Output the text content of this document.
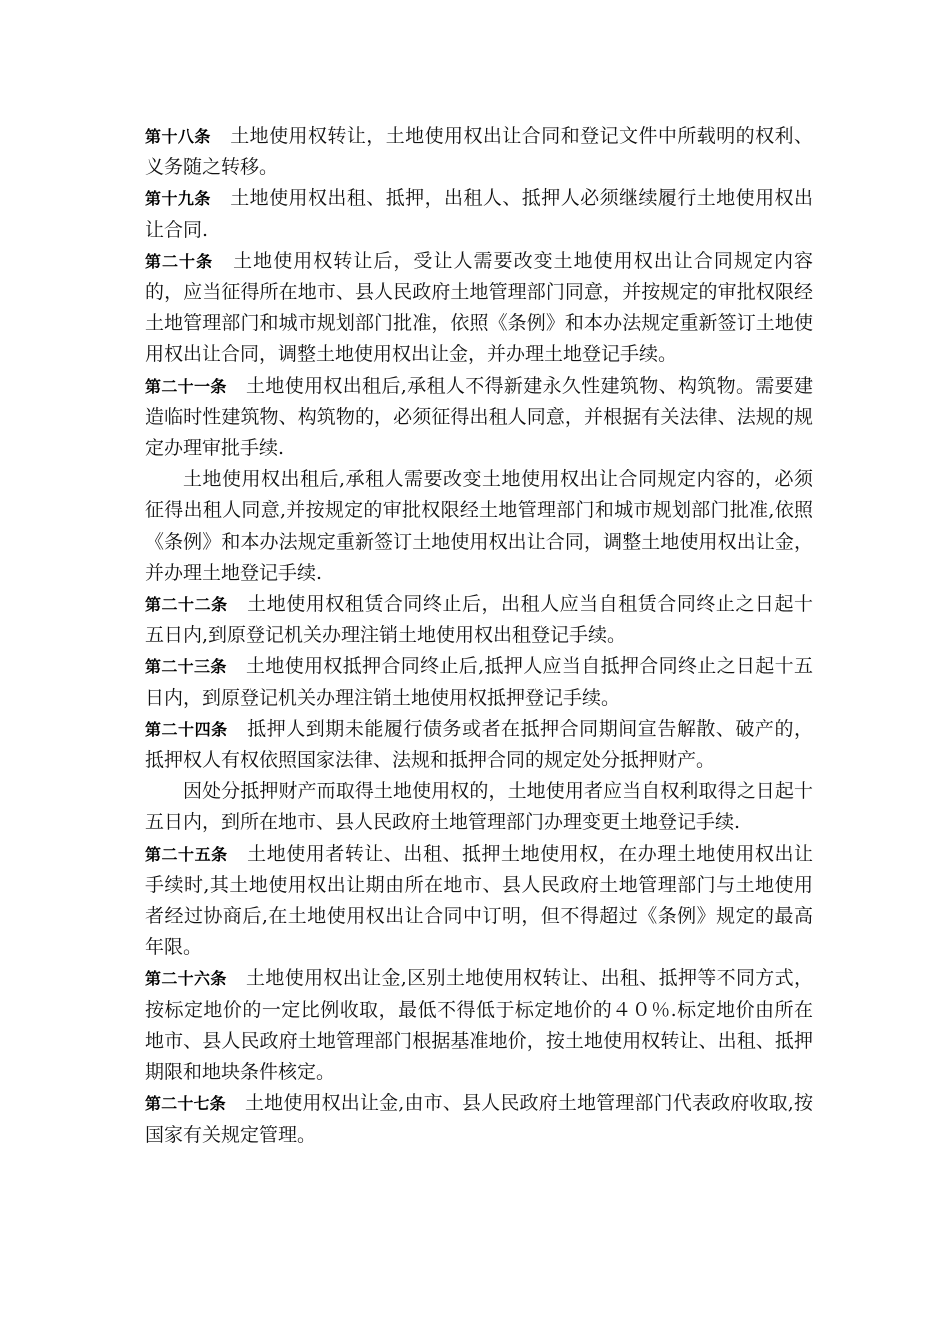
第十八条 土地使用权转让，土地使用权出让合同和登记文件中所载明的权利、义务随之转移。

第十九条 土地使用权出租、抵押，出租人、抵押人必须继续履行土地使用权出让合同.

第二十条 土地使用权转让后，受让人需要改变土地使用权出让合同规定内容的，应当征得所在地市、县人民政府土地管理部门同意，并按规定的审批权限经土地管理部门和城市规划部门批准，依照《条例》和本办法规定重新签订土地使用权出让合同，调整土地使用权出让金，并办理土地登记手续。

第二十一条 土地使用权出租后,承租人不得新建永久性建筑物、构筑物。需要建造临时性建筑物、构筑物的，必须征得出租人同意，并根据有关法律、法规的规定办理审批手续.

土地使用权出租后,承租人需要改变土地使用权出让合同规定内容的，必须征得出租人同意,并按规定的审批权限经土地管理部门和城市规划部门批准,依照《条例》和本办法规定重新签订土地使用权出让合同，调整土地使用权出让金，并办理土地登记手续.

第二十二条 土地使用权租赁合同终止后，出租人应当自租赁合同终止之日起十五日内,到原登记机关办理注销土地使用权出租登记手续。

第二十三条 土地使用权抵押合同终止后,抵押人应当自抵押合同终止之日起十五日内，到原登记机关办理注销土地使用权抵押登记手续。

第二十四条 抵押人到期未能履行债务或者在抵押合同期间宣告解散、破产的，抵押权人有权依照国家法律、法规和抵押合同的规定处分抵押财产。

因处分抵押财产而取得土地使用权的，土地使用者应当自权利取得之日起十五日内，到所在地市、县人民政府土地管理部门办理变更土地登记手续.

第二十五条 土地使用者转让、出租、抵押土地使用权，在办理土地使用权出让手续时,其土地使用权出让期由所在地市、县人民政府土地管理部门与土地使用者经过协商后,在土地使用权出让合同中订明，但不得超过《条例》规定的最高年限。

第二十六条 土地使用权出让金,区别土地使用权转让、出租、抵押等不同方式，按标定地价的一定比例收取，最低不得低于标定地价的４０％.标定地价由所在地市、县人民政府土地管理部门根据基准地价，按土地使用权转让、出租、抵押期限和地块条件核定。

第二十七条 土地使用权出让金,由市、县人民政府土地管理部门代表政府收取,按国家有关规定管理。
